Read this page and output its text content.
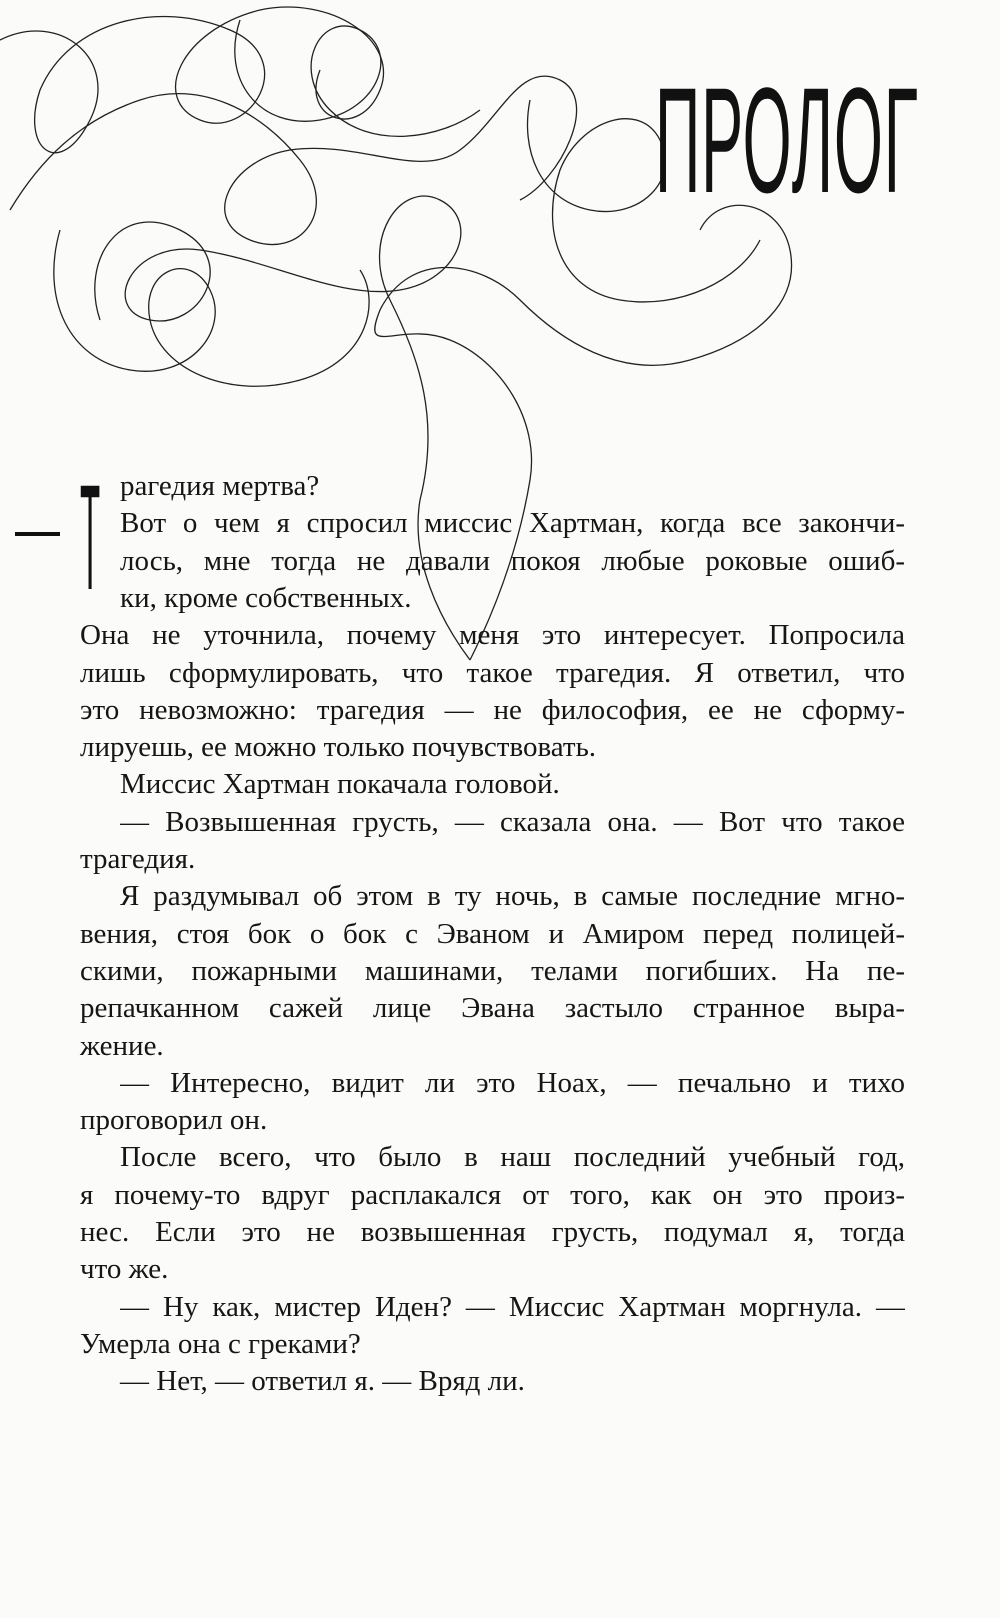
ПРОЛОГ
Т рагедия мертва?
Вот о чем я спросил миссис Хартман, когда все закончи-
лось, мне тогда не давали покоя любые роковые ошиб-
ки, кроме собственных.
Она не уточнила, почему меня это интересует. Попросила
лишь сформулировать, что такое трагедия. Я ответил, что
это невозможно: трагедия — не философия, ее не сформу-
лируешь, ее можно только почувствовать.
Миссис Хартман покачала головой.
— Возвышенная грусть, — сказала она. — Вот что такое
трагедия.
Я раздумывал об этом в ту ночь, в самые последние мгно-
вения, стоя бок о бок с Эваном и Амиром перед полицей-
скими, пожарными машинами, телами погибших. На пе-
репачканном сажей лице Эвана застыло странное выра-
жение.
— Интересно, видит ли это Ноах, — печально и тихо
проговорил он.
После всего, что было в наш последний учебный год,
я почему-то вдруг расплакался от того, как он это произ-
нес. Если это не возвышенная грусть, подумал я, тогда
что же.
— Ну как, мистер Иден? — Миссис Хартман моргнула. —
Умерла она с греками?
— Нет, — ответил я. — Вряд ли.
